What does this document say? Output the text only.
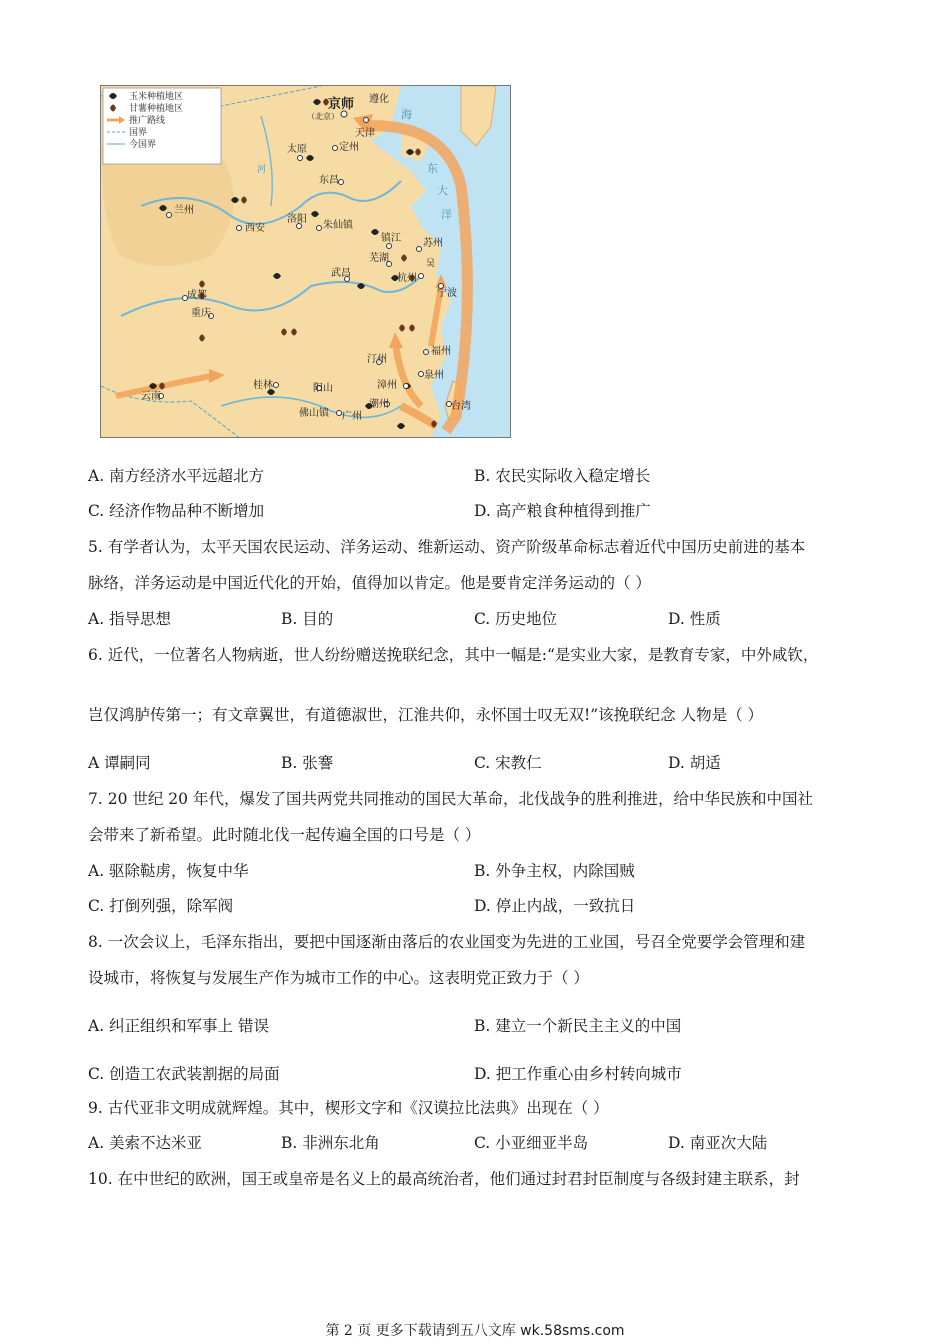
玉米种植地区
甘薯种植地区
推广路线
国界
今国界
京师
（北京）
遵化
天津
太原	定州
东昌
兰州
西安
洛阳
朱仙镇
镇江 苏州
芜湖	吴
杭州
宁波
武昌
成都
重庆
福州
汀州
漳州
泉州
桂林	阳山
云南
潮州
佛山镇 广州
台湾
海
东
大
洋
河
A. 南方经济水平远超北方	B. 农民实际收入稳定增长
C. 经济作物品种不断增加	D. 高产粮食种植得到推广
5. 有学者认为，太平天国农民运动、洋务运动、维新运动、资产阶级革命标志着近代中国历史前进的基本
脉络，洋务运动是中国近代化的开始，值得加以肯定。他是要肯定洋务运动的（ ）
A. 指导思想	B. 目的	C. 历史地位	D. 性质
6. 近代，一位著名人物病逝，世人纷纷赠送挽联纪念，其中一幅是:“是实业大家，是教育专家，中外咸钦，
岂仅鸿胪传第一；有文章翼世，有道德淑世，江淮共仰，永怀国士叹无双!”该挽联纪念 人物是（ ）
A 谭嗣同	B. 张謇	C. 宋教仁	D. 胡适
7. 20 世纪 20 年代，爆发了国共两党共同推动的国民大革命，北伐战争的胜利推进，给中华民族和中国社
会带来了新希望。此时随北伐一起传遍全国的口号是（ ）
A. 驱除鞑虏，恢复中华	B. 外争主权，内除国贼
C. 打倒列强，除军阀	D. 停止内战，一致抗日
8. 一次会议上，毛泽东指出，要把中国逐渐由落后的农业国变为先进的工业国，号召全党要学会管理和建
设城市，将恢复与发展生产作为城市工作的中心。这表明党正致力于（ ）
A. 纠正组织和军事上 错误	B. 建立一个新民主主义的中国
C. 创造工农武装割据的局面	D. 把工作重心由乡村转向城市
9. 古代亚非文明成就辉煌。其中，楔形文字和《汉谟拉比法典》出现在（ ）
A. 美索不达米亚	B. 非洲东北角	C. 小亚细亚半岛	D. 南亚次大陆
10. 在中世纪的欧洲，国王或皇帝是名义上的最高统治者，他们通过封君封臣制度与各级封建主联系，封
第 2 页 更多下载请到五八文库 wk.58sms.com
